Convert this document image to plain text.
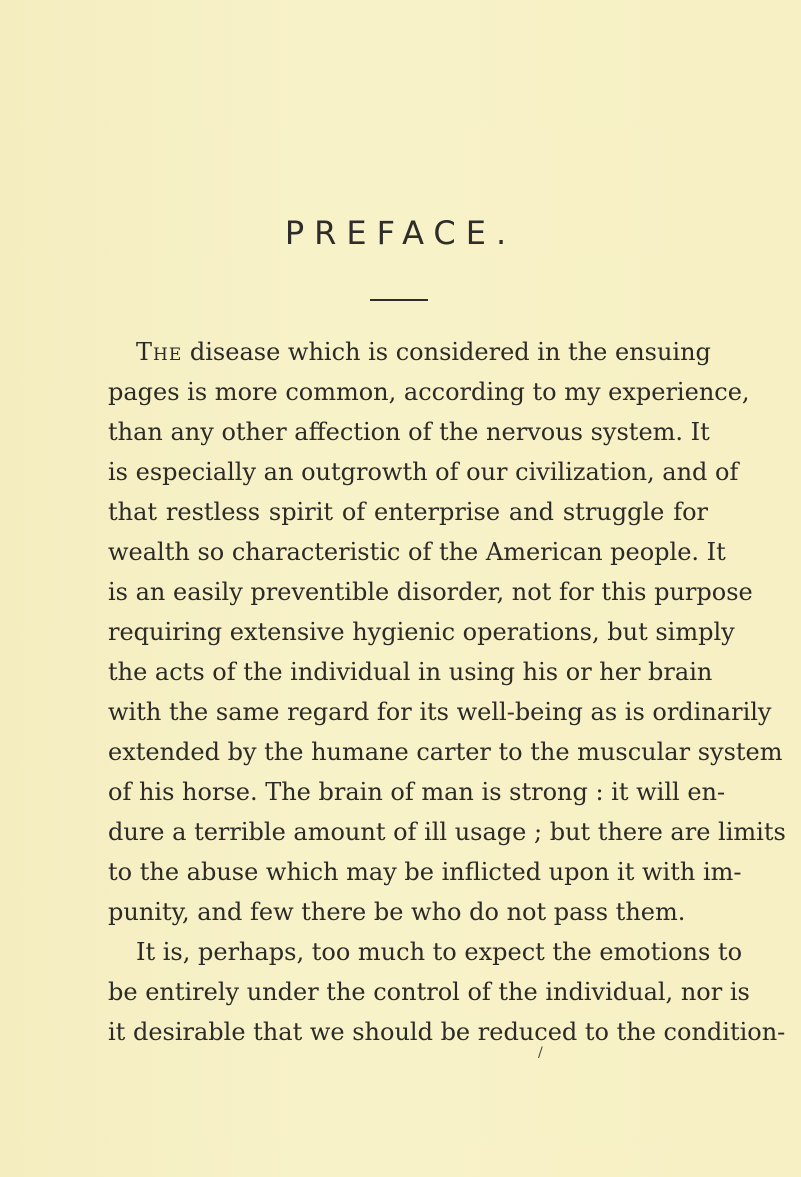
PREFACE.
The disease which is considered in the ensuing
pages is more common, according to my experience,
than any other affection of the nervous system. It
is especially an outgrowth of our civilization, and of
that restless spirit of enterprise and struggle for
wealth so characteristic of the American people. It
is an easily preventible disorder, not for this purpose
requiring extensive hygienic operations, but simply
the acts of the individual in using his or her brain
with the same regard for its well-being as is ordinarily
extended by the humane carter to the muscular system
of his horse. The brain of man is strong : it will en-
dure a terrible amount of ill usage ; but there are limits
to the abuse which may be inflicted upon it with im-
punity, and few there be who do not pass them.
It is, perhaps, too much to expect the emotions to
be entirely under the control of the individual, nor is
it desirable that we should be reduced to the condition-
/
